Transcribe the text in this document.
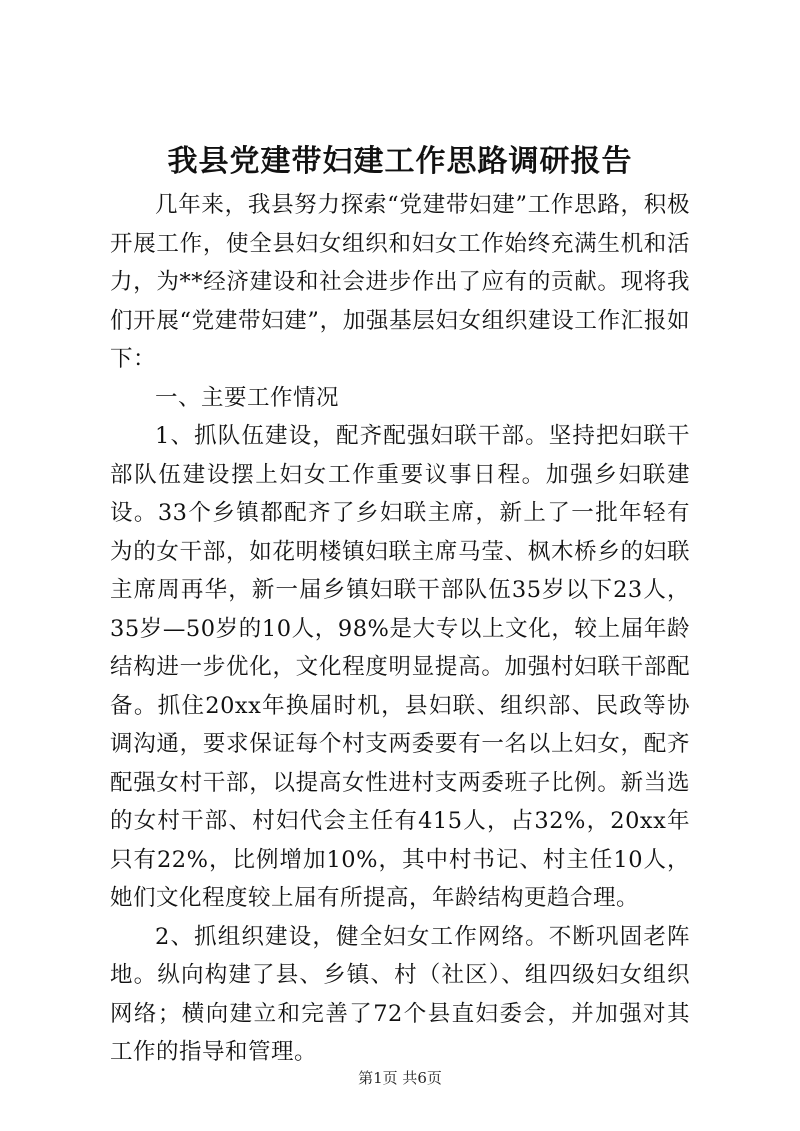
我县党建带妇建工作思路调研报告

几年来，我县努力探索“党建带妇建”工作思路，积极开展工作，使全县妇女组织和妇女工作始终充满生机和活力，为**经济建设和社会进步作出了应有的贡献。现将我们开展“党建带妇建”，加强基层妇女组织建设工作汇报如下：

一、主要工作情况

1、抓队伍建设，配齐配强妇联干部。坚持把妇联干部队伍建设摆上妇女工作重要议事日程。加强乡妇联建设。33个乡镇都配齐了乡妇联主席，新上了一批年轻有为的女干部，如花明楼镇妇联主席马莹、枫木桥乡的妇联主席周再华，新一届乡镇妇联干部队伍35岁以下23人，35岁—50岁的10人，98%是大专以上文化，较上届年龄结构进一步优化，文化程度明显提高。加强村妇联干部配备。抓住20xx年换届时机，县妇联、组织部、民政等协调沟通，要求保证每个村支两委要有一名以上妇女，配齐配强女村干部，以提高女性进村支两委班子比例。新当选的女村干部、村妇代会主任有415人，占32%，20xx年只有22%，比例增加10%，其中村书记、村主任10人，她们文化程度较上届有所提高，年龄结构更趋合理。

2、抓组织建设，健全妇女工作网络。不断巩固老阵地。纵向构建了县、乡镇、村（社区）、组四级妇女组织网络；横向建立和完善了72个县直妇委会，并加强对其工作的指导和管理。

第1页 共6页
